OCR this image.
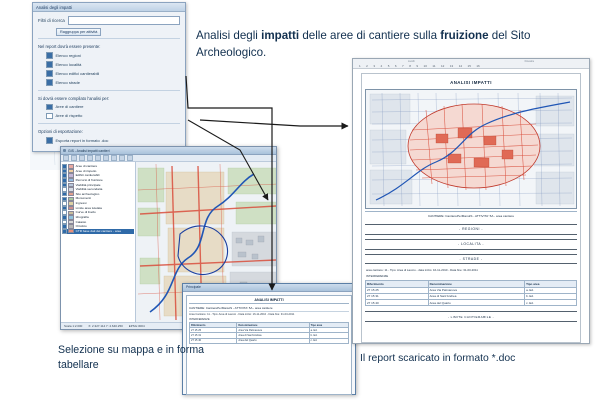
Analisi degli impatti
Filtri di ricerca
Raggruppa per attività
Nel report dovrà essere presente:
Elenco regioni
Elenco località
Elenco edifici cantierabili
Elenco strade
Si dovrà essere compilato l'analisi per:
Aree di cantiere
Aree di rispetto
Opzioni di esportazione:
Esporta report in formato .doc
GIS - Analisi impatti cantieri
Aree di cantiere
Aree di rispetto
Edifici cantierabili
Percorsi di fruizione
Viabilità principale
Viabilità secondaria
Sito archeologico
Monumenti
Ingressi
Limite area tutelata
Curve di livello
Idrografia
Catasto
Ortofoto
CTR base dati del cantiere - aree
Scala 1:2.000 X: 2.327.114 Y: 4.640.250 EPSG:3004
Principale
ANALISI IMPATTI
CANTIERE: CantierePerManutS - ATTIVITA' 5A - area cantiere
Area Cantiere: 11 - Tipo: Area di Lavoro - Data inizio: 16-11-2010 - Data fine: 31-03-2011
INTERFERENZE
Riferimento	Denominazione	Tipo area
27 15 25	Area Via Palmanova	a. Ed.
27 15 31	Area di Sant'Andrea	b. Ed.
27 15 40	Area del Quarto	c. Ed.
Livelli	Finestra
1 2 3 4 5 6 7 8 9 10 11 12 13 14 15 16
ANALISI IMPATTI
CANTIERE: CantierePerManutS - ATTIVITA' 5A - area cantiere
- REGIONI -
- LOCALITA -
- STRADE -
area cantiere: 11 - Tipo: Area di Lavoro - data inizio: 16-11-2010 - Data fine: 31-03-2011
INTERFERENZE
Riferimento	Denominazione	Tipo area
27 15 25	Area Via Palmanova	a. Ed.
27 15 31	Area di Sant'Andrea	b. Ed.
27 15 40	Area del Quarto	c. Ed.
- LIMITE CANTIERABILE -
Analisi degli impatti delle aree di cantiere sulla fruizione del Sito Archeologico.
Selezione su mappa e in forma tabellare
Il report scaricato in formato *.doc
